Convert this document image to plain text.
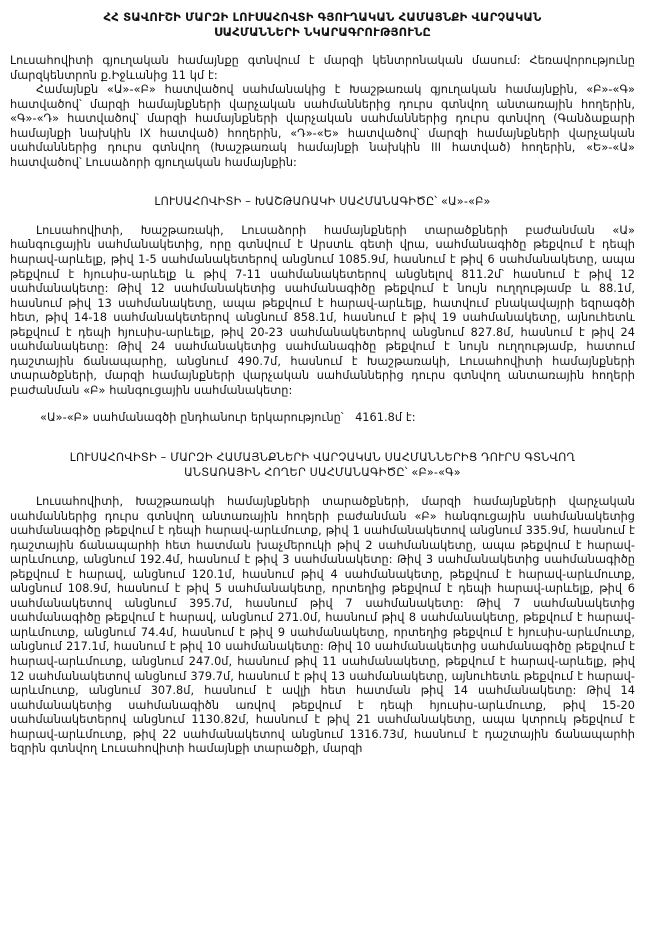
ՀՀ ՏԱՎՈՒՇԻ ՄԱՐԶԻ ԼՈՒՍԱՀՈՎՏԻ ԳՅՈՒՂԱԿԱՆ ՀԱՄԱՅՆՔԻ ՎԱՐՉԱԿԱՆ
ՍԱՀՄԱՆՆԵՐԻ ՆԿԱՐԱԳՐՈՒԹՅՈՒՆԸ
Լուսահովիտի գյուղական համայնքը գտնվում է մարզի կենտրոնական մասում: Հեռավորությունը մարզկենտրոն ք.Իջևանից 11 կմ է:
Համայնքն «Ա»-«Բ» հատվածով սահմանակից է Խաշթառակ գյուղական համայնքին, «Բ»-«Գ» հատվածով՝ մարզի համայնքների վարչական սահմաններից դուրս գտնվող անտառային հողերին, «Գ»-«Դ» հատվածով՝ մարզի համայնքների վարչական սահմաններից դուրս գտնվող (Գանձաքարի համայնքի նախկին IX հատված) հողերին, «Դ»-«Ե» հատվածով՝ մարզի համայնքների վարչական սահմաններից դուրս գտնվող (Խաշթառակ համայնքի նախկին III հատված) հողերին, «Ե»-«Ա» հատվածով՝ Լուսաձորի գյուղական համայնքին:
ԼՈՒՍԱՀՈՎԻՏԻ – ԽԱՇԹԱՌԱԿԻ ՍԱՀՄԱՆԱԳԻԾԸ՝ «Ա»-«Բ»
Լուսահովիտի, Խաշթառակի, Լուսաձորի համայնքների տարածքների բաժանման «Ա» հանգուցային սահմանակետից, որը գտնվում է Արստև գետի վրա, սահմանագիծը թեքվում է դեպի հարավ-արևելք, թիվ 1-5 սահմանակետերով անցնում 1085.9մ, հասնում է թիվ 6 սահմանակետը, ապա թեքվում է հյուսիս-արևելք և թիվ 7-11 սահմանակետերով անցնելով 811.2մ՝ հասնում է թիվ 12 սահմանակետը: Թիվ 12 սահմանակետից սահմանագիծը թեքվում է նույն ուղղությամբ և 88.1մ, հասնում թիվ 13 սահմանակետը, ապա թեքվում է հարավ-արևելք, հատվում բնակավայրի եզրագծի հետ, թիվ 14-18 սահմանակետերով անցնում 858.1մ, հասնում է թիվ 19 սահմանակետը, այնուհետև թեքվում է դեպի հյուսիս-արևելք, թիվ 20-23 սահմանակետերով անցնում 827.8մ, հասնում է թիվ 24 սահմանակետը: Թիվ 24 սահմանակետից սահմանագիծը թեքվում է նույն ուղղությամբ, հատում դաշտային ճանապարհը, անցնում 490.7մ, հասնում է Խաշթառակի, Լուսահովիտի համայնքների տարածքների, մարզի համայնքների վարչական սահմաններից դուրս գտնվող անտառային հողերի բաժանման «Բ» հանգուցային սահմանակետը:
«Ա»-«Բ» սահմանագծի ընդհանուր երկարությունը՝ 4161.8մ է:
ԼՈՒՍԱՀՈՎԻՏԻ – ՄԱՐԶԻ ՀԱՄԱՅՆՔՆԵՐԻ ՎԱՐՉԱԿԱՆ ՍԱՀՄԱՆՆԵՐԻՑ ԴՈՒՐՍ ԳՏՆՎՈՂ
ԱՆՏԱՌԱՅԻՆ ՀՈՂԵՐ ՍԱՀՄԱՆԱԳԻԾԸ՝ «Բ»-«Գ»
Լուսահովիտի, Խաշթառակի համայնքների տարածքների, մարզի համայնքների վարչական սահմաններից դուրս գտնվող անտառային հողերի բաժանման «Բ» հանգուցային սահմանակետից սահմանագիծը թեքվում է դեպի հարավ-արևմուտք, թիվ 1 սահմանակետով անցնում 335.9մ, հասնում է դաշտային ճանապարհի հետ հատման խաչմերուկի թիվ 2 սահմանակետը, ապա թեքվում է հարավ-արևմուտք, անցնում 192.4մ, հասնում է թիվ 3 սահմանակետը: Թիվ 3 սահմանակետից սահմանագիծը թեքվում է հարավ, անցնում 120.1մ, հասնում թիվ 4 սահմանակետը, թեքվում է հարավ-արևմուտք, անցնում 108.9մ, հասնում է թիվ 5 սահմանակետը, որտեղից թեքվում է դեպի հարավ-արևելք, թիվ 6 սահմանակետով անցնում 395.7մ, հասնում թիվ 7 սահմանակետը: Թիվ 7 սահմանակետից սահմանագիծը թեքվում է հարավ, անցնում 271.0մ, հասնում թիվ 8 սահմանակետը, թեքվում է հարավ-արևմուտք, անցնում 74.4մ, հասնում է թիվ 9 սահմանակետը, որտեղից թեքվում է հյուսիս-արևմուտք, անցնում 217.1մ, հասնում է թիվ 10 սահմանակետը: Թիվ 10 սահմանակետից սահմանագիծը թեքվում է հարավ-արևմուտք, անցնում 247.0մ, հասնում թիվ 11 սահմանակետը, թեքվում է հարավ-արևելք, թիվ 12 սահմանակետով անցնում 379.7մ, հասնում է թիվ 13 սահմանակետը, այնուհետև թեքվում է հարավ-արևմուտք, անցնում 307.8մ, հասնում է ավլի հետ հատման թիվ 14 սահմանակետը: Թիվ 14 սահմանակետից սահմանագիծն առվով թեքվում է դեպի հյուսիս-արևմուտք, թիվ 15-20 սահմանակետերով անցնում 1130.82մ, հասնում է թիվ 21 սահմանակետը, ապա կտրուկ թեքվում է հարավ-արևմուտք, թիվ 22 սահմանակետով անցնում 1316.73մ, հասնում է դաշտային ճանապարհի եզրին գտնվող Լուսահովիտի համայնքի տարածքի, մարզի
